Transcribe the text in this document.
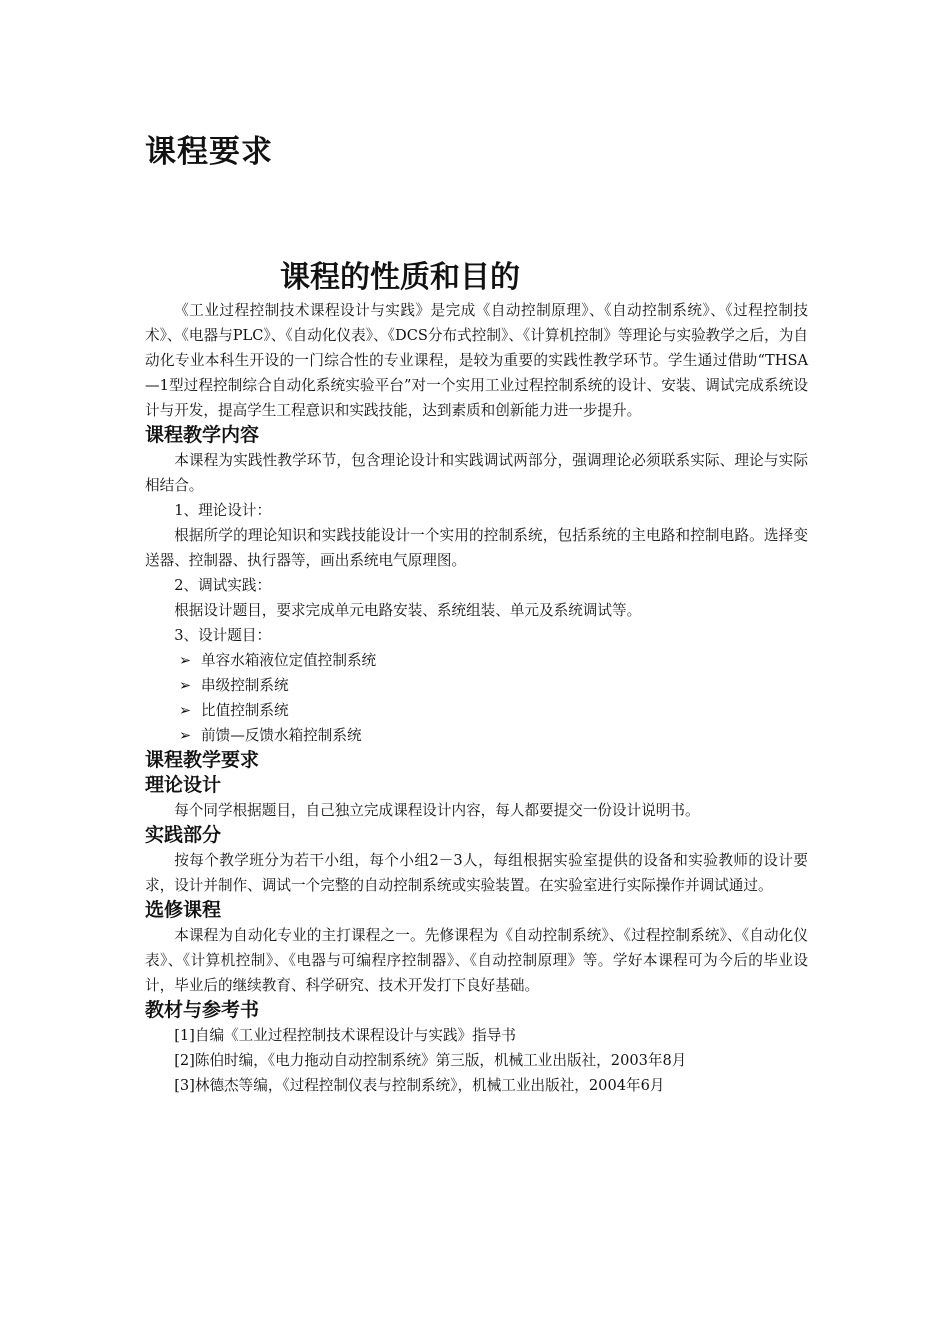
课程要求
课程的性质和目的

《工业过程控制技术课程设计与实践》是完成《自动控制原理》、《自动控制系统》、《过程控制技术》、《电器与PLC》、《自动化仪表》、《DCS分布式控制》、《计算机控制》等理论与实验教学之后，为自动化专业本科生开设的一门综合性的专业课程，是较为重要的实践性教学环节。学生通过借助“THSA—1型过程控制综合自动化系统实验平台”对一个实用工业过程控制系统的设计、安装、调试完成系统设计与开发，提高学生工程意识和实践技能，达到素质和创新能力进一步提升。

课程教学内容

本课程为实践性教学环节，包含理论设计和实践调试两部分，强调理论必须联系实际、理论与实际相结合。

1、理论设计：

根据所学的理论知识和实践技能设计一个实用的控制系统，包括系统的主电路和控制电路。选择变送器、控制器、执行器等，画出系统电气原理图。

2、调试实践：

根据设计题目，要求完成单元电路安装、系统组装、单元及系统调试等。

3、设计题目：

➢ 单容水箱液位定值控制系统
➢ 串级控制系统
➢ 比值控制系统
➢ 前馈—反馈水箱控制系统
课程教学要求
理论设计

每个同学根据题目，自己独立完成课程设计内容，每人都要提交一份设计说明书。

实践部分

按每个教学班分为若干小组，每个小组2－3人，每组根据实验室提供的设备和实验教师的设计要求，设计并制作、调试一个完整的自动控制系统或实验装置。在实验室进行实际操作并调试通过。

选修课程

本课程为自动化专业的主打课程之一。先修课程为《自动控制系统》、《过程控制系统》、《自动化仪表》、《计算机控制》、《电器与可编程序控制器》、《自动控制原理》等。学好本课程可为今后的毕业设计，毕业后的继续教育、科学研究、技术开发打下良好基础。

教材与参考书

[1]自编《工业过程控制技术课程设计与实践》指导书

[2]陈伯时编，《电力拖动自动控制系统》第三版，机械工业出版社，2003年8月

[3]林德杰等编，《过程控制仪表与控制系统》，机械工业出版社，2004年6月
